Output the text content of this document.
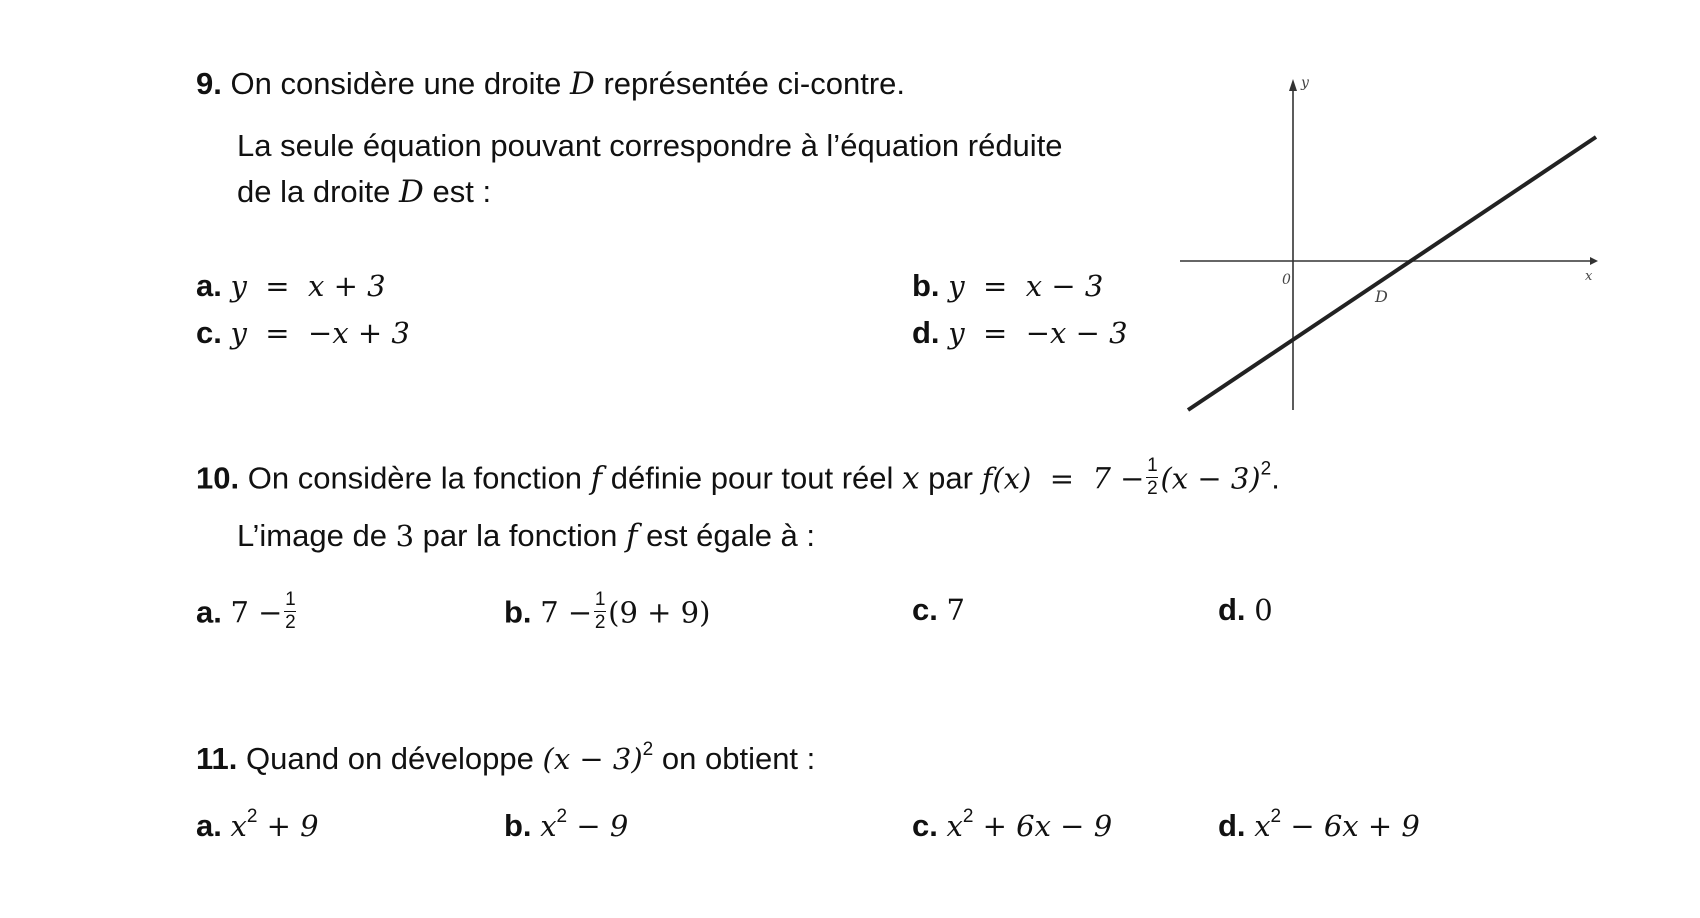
9. On considère une droite D représentée ci-contre.
La seule équation pouvant correspondre à l’équation réduite
de la droite D est :
a. y  =  x + 3	b. y  =  x − 3
c. y  =  −x + 3	d. y  =  −x − 3
y
x
0
D
10. On considère la fonction f définie pour tout réel x par $f(x) = 7 - \frac{1}{2} (x - 3)^2$.
L’image de 3 par la fonction f est égale à :
a. $7 - \frac{1}{2}$	b. $7 - \frac{1}{2} (9 + 9)$	c. 7	d. 0
11. Quand on développe $(x - 3)^2$ on obtient :
a. $x^2 + 9$	b. $x^2 - 9$	c. $x^2 + 6x - 9$	d. $x^2 - 6x + 9$
